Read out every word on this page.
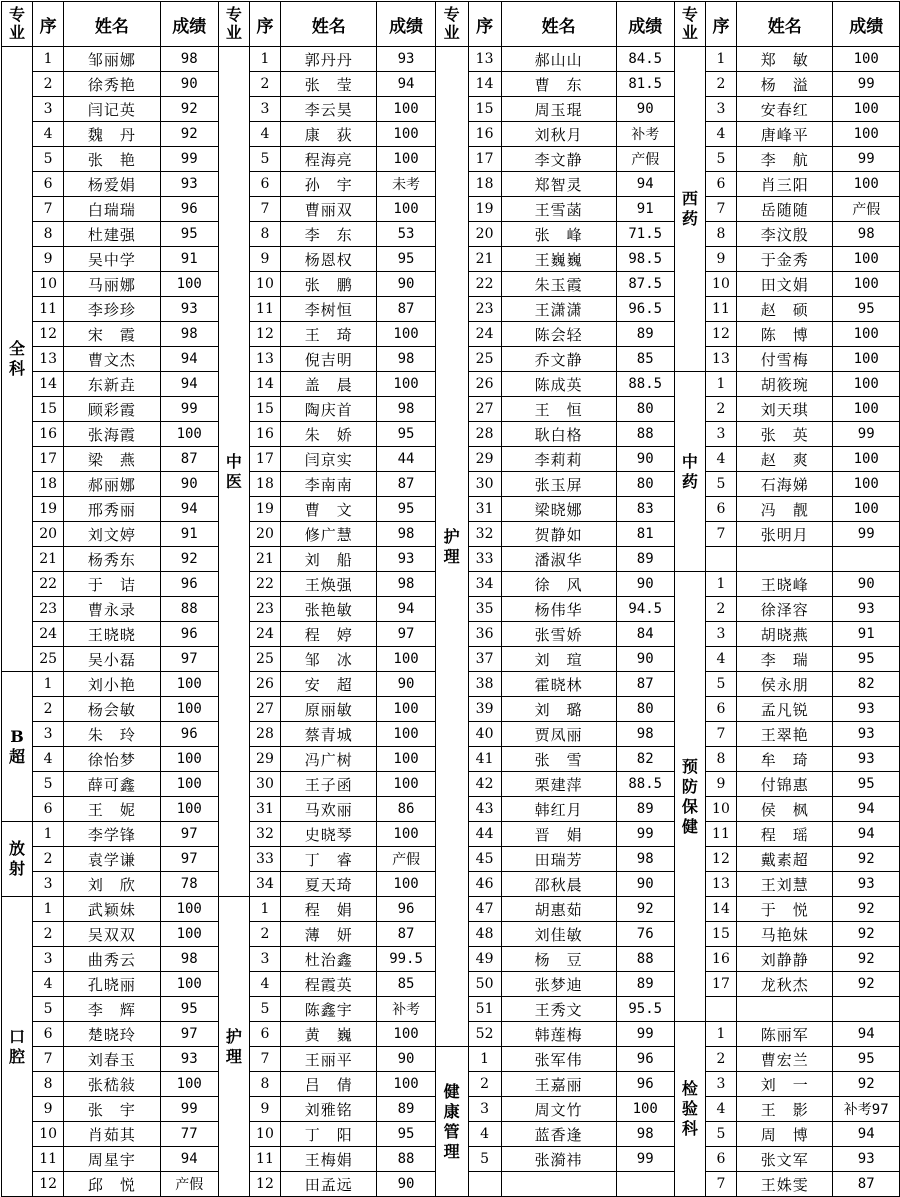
专业	序	姓名	成绩	专业	序	姓名	成绩	专业	序	姓名	成绩	专业	序	姓名	成绩
全科	1	邹丽娜	98	中医	1	郭丹丹	93	护理	13	郝山山	84.5	西药	1	郑　敏	100
	2	徐秀艳	90		2	张　莹	94		14	曹　东	81.5		2	杨　溢	99
	3	闫记英	92		3	李云昊	100		15	周玉琨	90		3	安春红	100
	4	魏　丹	92		4	康　荻	100		16	刘秋月	补考		4	唐峰平	100
	5	张　艳	99		5	程海亮	100		17	李文静	产假		5	李　航	99
	6	杨爱娟	93		6	孙　宇	未考		18	郑智灵	94		6	肖三阳	100
	7	白瑞瑞	96		7	曹丽双	100		19	王雪菡	91		7	岳随随	产假
	8	杜建强	95		8	李　东	53		20	张　峰	71.5		8	李汶殷	98
	9	吴中学	91		9	杨恩权	95		21	王巍巍	98.5		9	于金秀	100
	10	马丽娜	100		10	张　鹏	90		22	朱玉霞	87.5		10	田文娟	100
	11	李珍珍	93		11	李树恒	87		23	王潇潇	96.5		11	赵　硕	95
	12	宋　霞	98		12	王　琦	100		24	陈会轻	89		12	陈　博	100
	13	曹文杰	94		13	倪吉明	98		25	乔文静	85		13	付雪梅	100
	14	东新垚	94		14	盖　晨	100		26	陈成英	88.5	中药	1	胡筱琬	100
	15	顾彩霞	99		15	陶庆首	98		27	王　恒	80		2	刘天琪	100
	16	张海霞	100		16	朱　娇	95		28	耿白格	88		3	张　英	99
	17	梁　燕	87		17	闫京实	44		29	李莉莉	90		4	赵　爽	100
	18	郝丽娜	90		18	李南南	87		30	张玉屏	80		5	石海娣	100
	19	邢秀丽	94		19	曹　文	95		31	梁晓娜	83		6	冯　靓	100
	20	刘文婷	91		20	修广慧	98		32	贺静如	81		7	张明月	99
	21	杨秀东	92		21	刘　船	93		33	潘淑华	89				
	22	于　诘	96		22	王焕强	98		34	徐　风	90	预防保健	1	王晓峰	90
	23	曹永录	88		23	张艳敏	94		35	杨伟华	94.5		2	徐泽容	93
	24	王晓晓	96		24	程　婷	97		36	张雪娇	84		3	胡晓燕	91
	25	吴小磊	97		25	邹　冰	100		37	刘　瑄	90		4	李　瑞	95
B超	1	刘小艳	100		26	安　超	90		38	霍晓林	87		5	侯永朋	82
	2	杨会敏	100		27	原丽敏	100		39	刘　璐	80		6	孟凡锐	93
	3	朱　玲	96		28	蔡青城	100		40	贾凤丽	98		7	王翠艳	93
	4	徐怡梦	100		29	冯广树	100		41	张　雪	82		8	牟　琦	93
	5	薛可鑫	100		30	王子函	100		42	栗建萍	88.5		9	付锦惠	95
	6	王　妮	100		31	马欢丽	86		43	韩红月	89		10	侯　枫	94
放射	1	李学锋	97		32	史晓琴	100		44	晋　娟	99		11	程　瑶	94
	2	袁学谦	97		33	丁　睿	产假		45	田瑞芳	98		12	戴素超	92
	3	刘　欣	78		34	夏天琦	100		46	邵秋晨	90		13	王刘慧	93
口腔	1	武颖妹	100	护理	1	程　娟	96		47	胡惠茹	92		14	于　悦	92
	2	吴双双	100		2	薄　妍	87		48	刘佳敏	76		15	马艳妹	92
	3	曲秀云	98		3	杜治鑫	99.5		49	杨　豆	88		16	刘静静	92
	4	孔晓丽	100		4	程霞英	85		50	张梦迪	89		17	龙秋杰	92
	5	李　辉	95		5	陈鑫宇	补考		51	王秀文	95.5				
	6	楚晓玲	97		6	黄　巍	100		52	韩莲梅	99	检验科	1	陈丽军	94
	7	刘春玉	93		7	王丽平	90	健康管理	1	张军伟	96		2	曹宏兰	95
	8	张嵇敍	100		8	吕　倩	100		2	王嘉丽	96		3	刘　一	92
	9	张　宇	99		9	刘雅铭	89		3	周文竹	100		4	王　影	补考97
	10	肖茹其	77		10	丁　阳	95		4	蓝香逢	98		5	周　博	94
	11	周星宇	94		11	王梅娟	88		5	张漪祎	99		6	张文军	93
	12	邱　悦	产假		12	田孟远	90						7	王姝雯	87
